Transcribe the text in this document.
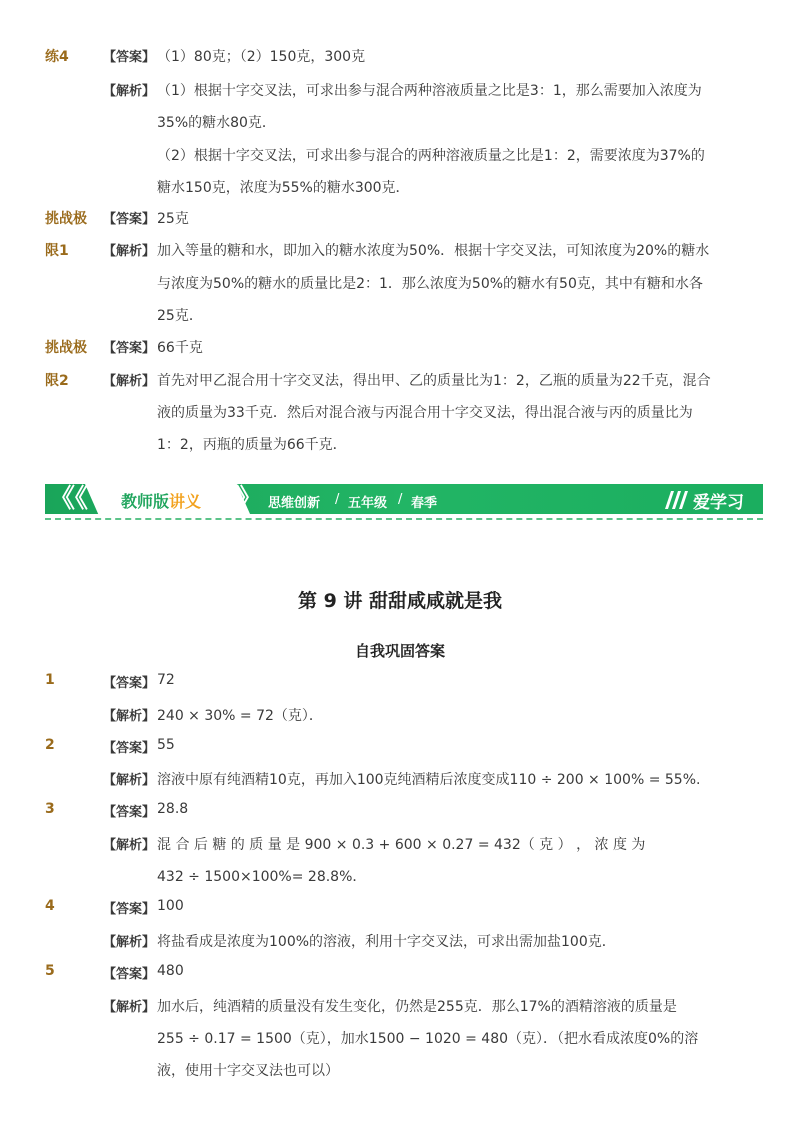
练4	【答案】 （1）80克；（2）150克，300克
【解析】 （1）根据十字交叉法，可求出参与混合两种溶液质量之比是3：1，那么需要加入浓度为
35%的糖水80克．
（2）根据十字交叉法，可求出参与混合的两种溶液质量之比是1：2，需要浓度为37%的
糖水150克，浓度为55%的糖水300克．
挑战极
限1
【答案】 25克
【解析】 加入等量的糖和水，即加入的糖水浓度为50%．根据十字交叉法，可知浓度为20%的糖水
与浓度为50%的糖水的质量比是2：1．那么浓度为50%的糖水有50克，其中有糖和水各
25克．
挑战极
限2
【答案】 66千克
【解析】 首先对甲乙混合用十字交叉法，得出甲、乙的质量比为1：2，乙瓶的质量为22千克，混合
液的质量为33千克．然后对混合液与丙混合用十字交叉法，得出混合液与丙的质量比为
1：2，丙瓶的质量为66千克．
《《 教师版讲义 》》 思维创新 / 五年级 / 春季	爱学习
第 9 讲 甜甜咸咸就是我
自我巩固答案
1	【答案】 72
【解析】 240 × 30% = 72（克）．
2	【答案】 55
【解析】 溶液中原有纯酒精10克，再加入100克纯酒精后浓度变成110 ÷ 200 × 100% = 55%.
3	【答案】 28.8
【解析】 混 合 后 糖 的 质 量 是 900 × 0.3 + 600 × 0.27 = 432（ 克 ） ， 浓 度 为
432 ÷ 1500×100%= 28.8%．
4	【答案】 100
【解析】 将盐看成是浓度为100%的溶液，利用十字交叉法，可求出需加盐100克．
5	【答案】 480
【解析】 加水后，纯酒精的质量没有发生变化，仍然是255克．那么17%的酒精溶液的质量是
255 ÷ 0.17 = 1500（克），加水1500 − 1020 = 480（克）．（把水看成浓度0%的溶
液，使用十字交叉法也可以）
